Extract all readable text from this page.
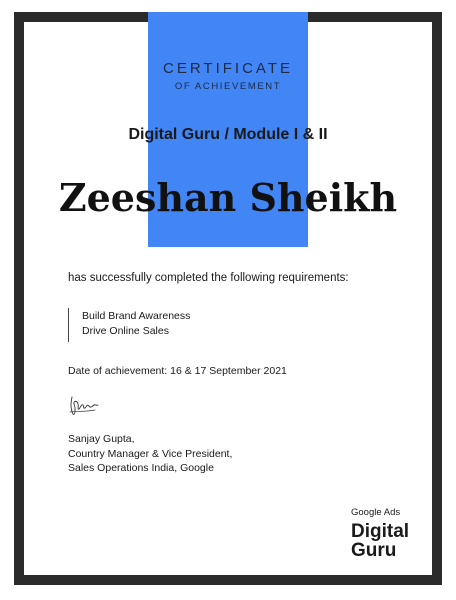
CERTIFICATE
OF ACHIEVEMENT
Digital Guru / Module I & II
Zeeshan Sheikh
has successfully completed the following requirements:
Build Brand Awareness
Drive Online Sales
Date of achievement: 16 & 17 September 2021
Sanjay Gupta,
Country Manager & Vice President,
Sales Operations India, Google
Google Ads
Digital
Guru
